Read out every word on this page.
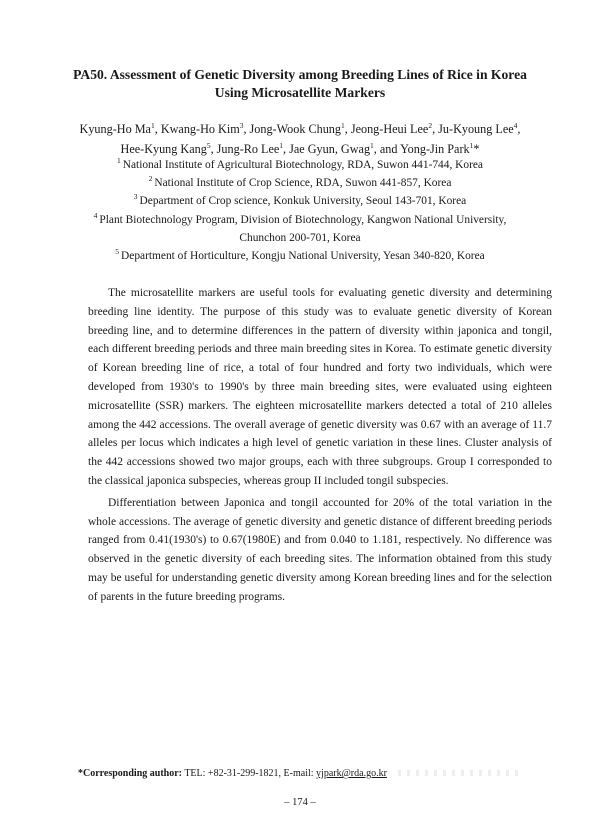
PA50. Assessment of Genetic Diversity among Breeding Lines of Rice in Korea
Using Microsatellite Markers
Kyung-Ho Ma$^1$, Kwang-Ho Kim$^3$, Jong-Wook Chung$^1$, Jeong-Heui Lee$^2$, Ju-Kyoung Lee$^4$,
Hee-Kyung Kang$^5$, Jung-Ro Lee$^1$, Jae Gyun, Gwag$^1$, and Yong-Jin Park$^1$*
$^1$ National Institute of Agricultural Biotechnology, RDA, Suwon 441-744, Korea
$^2$ National Institute of Crop Science, RDA, Suwon 441-857, Korea
$^3$ Department of Crop science, Konkuk University, Seoul 143-701, Korea
$^4$ Plant Biotechnology Program, Division of Biotechnology, Kangwon National University,
Chunchon 200-701, Korea
$^5$ Department of Horticulture, Kongju National University, Yesan 340-820, Korea

The microsatellite markers are useful tools for evaluating genetic diversity and determining breeding line identity. The purpose of this study was to evaluate genetic diversity of Korean breeding line, and to determine differences in the pattern of diversity within japonica and tongil, each different breeding periods and three main breeding sites in Korea. To estimate genetic diversity of Korean breeding line of rice, a total of four hundred and forty two individuals, which were developed from 1930's to 1990's by three main breeding sites, were evaluated using eighteen microsatellite (SSR) markers. The eighteen microsatellite markers detected a total of 210 alleles among the 442 accessions. The overall average of genetic diversity was 0.67 with an average of 11.7 alleles per locus which indicates a high level of genetic variation in these lines. Cluster analysis of the 442 accessions showed two major groups, each with three subgroups. Group I corresponded to the classical japonica subspecies, whereas group II included tongil subspecies.

Differentiation between Japonica and tongil accounted for 20% of the total variation in the whole accessions. The average of genetic diversity and genetic distance of different breeding periods ranged from 0.41(1930's) to 0.67(1980E) and from 0.040 to 1.181, respectively. No difference was observed in the genetic diversity of each breeding sites. The information obtained from this study may be useful for understanding genetic diversity among Korean breeding lines and for the selection of parents in the future breeding programs.

*Corresponding author: TEL: +82-31-299-1821, E-mail: yjpark@rda.go.kr
– 174 –
